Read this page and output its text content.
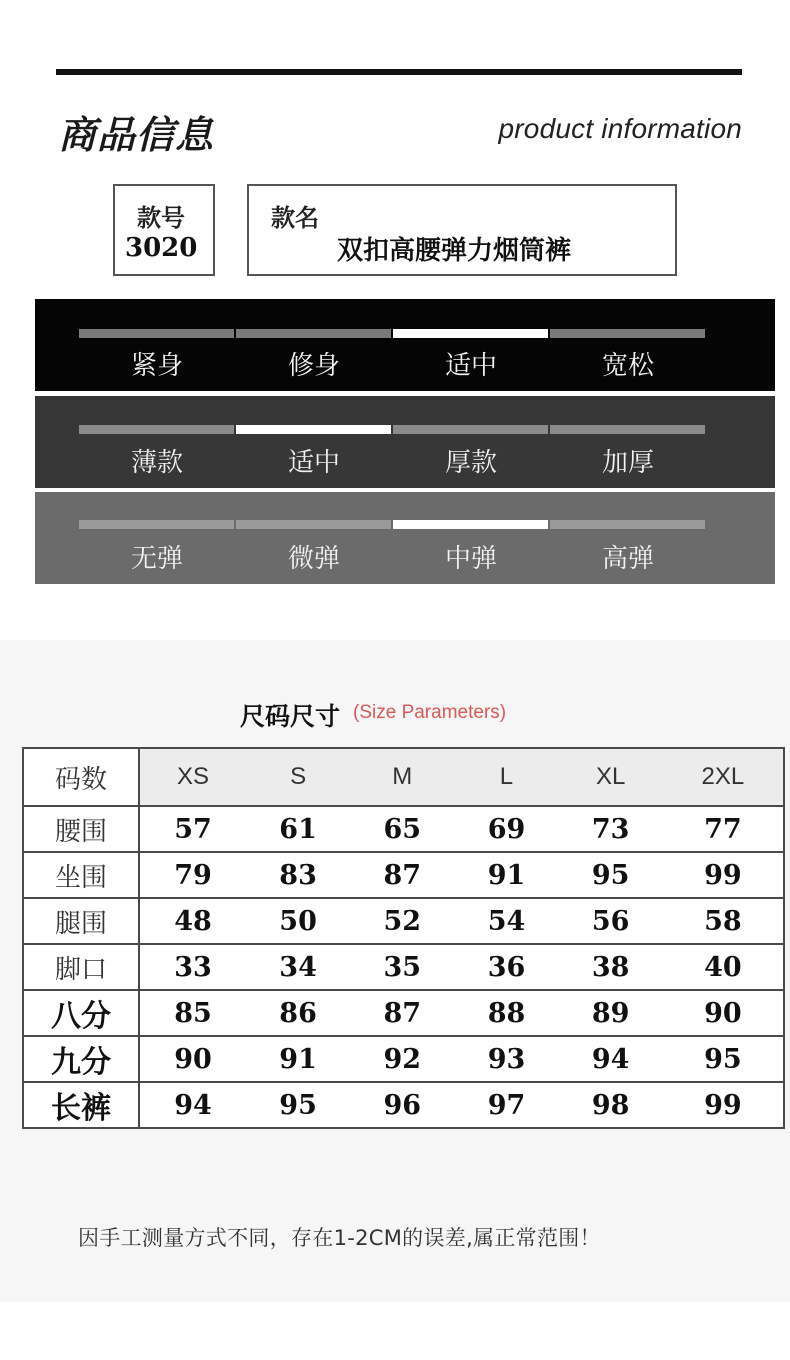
商品信息	product information
款号
3020
款名
双扣高腰弹力烟筒裤
紧身	修身	适中	宽松
薄款	适中	厚款	加厚
无弹	微弹	中弹	高弹
尺码尺寸 (Size Parameters)
码数	XS	S	M	L	XL	2XL
腰围	57	61	65	69	73	77
坐围	79	83	87	91	95	99
腿围	48	50	52	54	56	58
脚口	33	34	35	36	38	40
八分	85	86	87	88	89	90
九分	90	91	92	93	94	95
长裤	94	95	96	97	98	99
因手工测量方式不同，存在1-2CM的误差,属正常范围！
